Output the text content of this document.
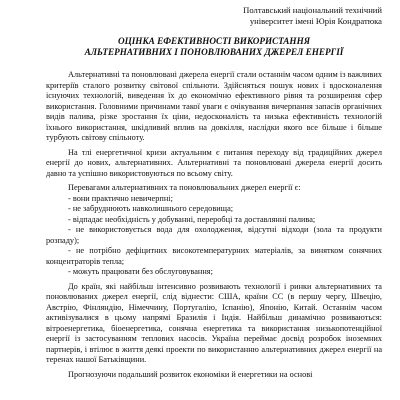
Полтавський національний технічний
університет імені Юрія Кондратюка
ОЦІНКА ЕФЕКТИВНОСТІ ВИКОРИСТАННЯ
АЛЬТЕРНАТИВНИХ І ПОНОВЛЮВАНИХ ДЖЕРЕЛ ЕНЕРГІЇ

Альтернативні та поновлювані джерела енергії стали останнім часом одним із важливих критеріїв сталого розвитку світової спільноти. Здійсняться пошук нових і вдосконалення існуючих технологій, виведення їх до економічно ефективного рівня та розширення сфер використання. Головними причинами такої уваги є очікування вичерпання запасів органічних видів палива, різке зростання їх ціни, недосконалість та низька ефективність технологій їхнього використання, шкідливий вплив на довкілля, наслідки якого все більше і більше турбують світову спільноту.

На тлі енергетичної кризи актуальним є питання переходу від традиційних джерел енергії до нових, альтернативних. Альтернативні та поновлювані джерела енергії досить давно та успішно використовуються по всьому світу.

Перевагами альтернативних та поновлювальних джерел енергії є:

- вони практично невичерпні;
- не забруднюють навколишнього середовища;
- відпадає необхідність у добуванні, переробці та доставлянні палива;
- не використовується вода для охолодження, відсутні відходи (зола та продукти розпаду);
- не потрібно дефіцитних високотемпературних матеріалів, за винятком сонячних концентраторів тепла;
- можуть працювати без обслуговування;

До країн, які найбільш інтенсивно розвивають технології і ринки альтернативних та поновлюваних джерел енергії, слід віднести: США, країни СС (в першу чергу, Швецію, Австрію, Фінляндію, Німеччину, Португалію, Іспанію), Японію, Китай. Останнім часом активізувалися в цьому напрямі Бразилія і Індія. Найбільш динамічно розвиваються: вітроенергетика, біоенергетика, сонячна енергетика та використання низькопотенційної енергії із застосуванням теплових насосів. Україна переймає досвід розробок іноземних партнерів, і втілює в життя деякі проекти по використанню альтернативних джерел енергії на теренах нашої Батьківщини.

Прогнозуючи подальший розвиток економіки й енергетики на основі
